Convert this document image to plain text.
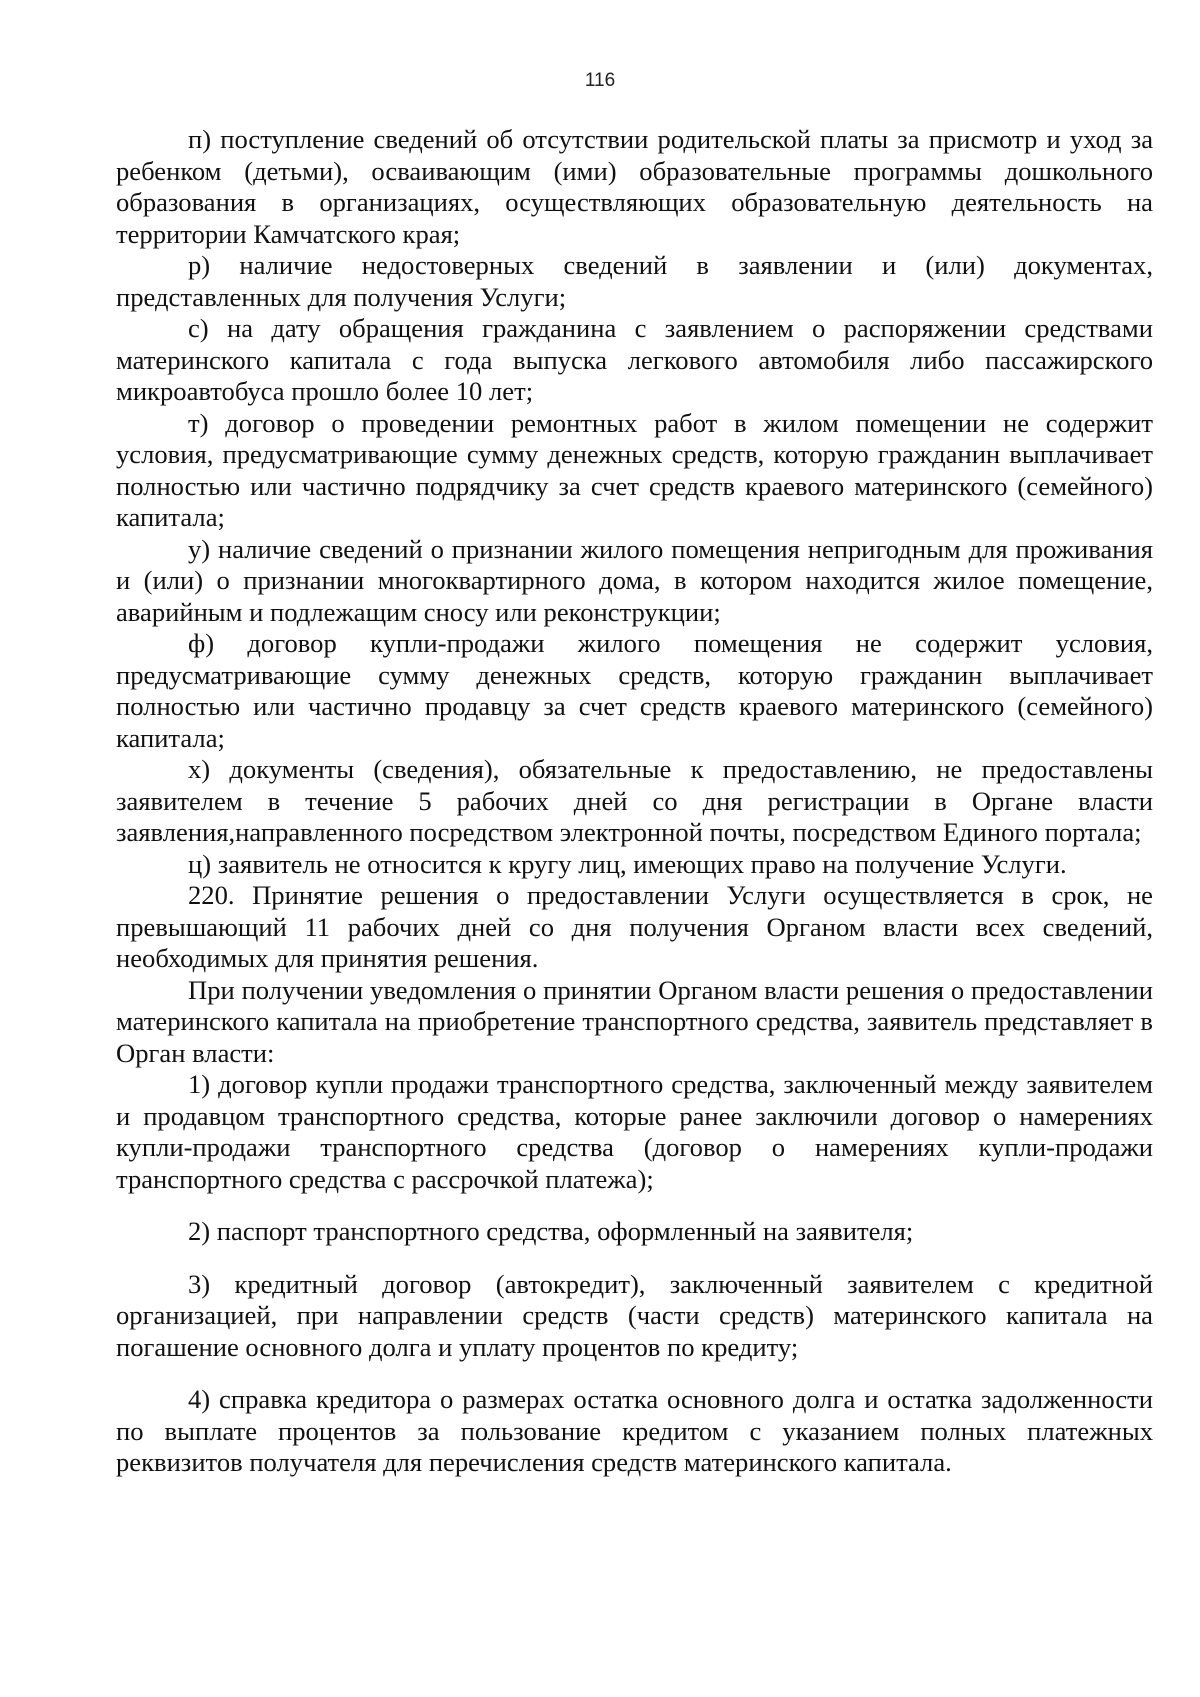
116

п) поступление сведений об отсутствии родительской платы за присмотр и уход за ребенком (детьми), осваивающим (ими) образовательные программы дошкольного образования в организациях, осуществляющих образовательную деятельность на территории Камчатского края;

р) наличие недостоверных сведений в заявлении и (или) документах, представленных для получения Услуги;

с) на дату обращения гражданина с заявлением о распоряжении средствами материнского капитала с года выпуска легкового автомобиля либо пассажирского микроавтобуса прошло более 10 лет;

т) договор о проведении ремонтных работ в жилом помещении не содержит условия, предусматривающие сумму денежных средств, которую гражданин выплачивает полностью или частично подрядчику за счет средств краевого материнского (семейного) капитала;

у) наличие сведений о признании жилого помещения непригодным для проживания и (или) о признании многоквартирного дома, в котором находится жилое помещение, аварийным и подлежащим сносу или реконструкции;

ф) договор купли-продажи жилого помещения не содержит условия, предусматривающие сумму денежных средств, которую гражданин выплачивает полностью или частично продавцу за счет средств краевого материнского (семейного) капитала;

х) документы (сведения), обязательные к предоставлению, не предоставлены заявителем в течение 5 рабочих дней со дня регистрации в Органе власти заявления,направленного посредством электронной почты, посредством Единого портала;

ц) заявитель не относится к кругу лиц, имеющих право на получение Услуги.

220. Принятие решения о предоставлении Услуги осуществляется в срок, не превышающий 11 рабочих дней со дня получения Органом власти всех сведений, необходимых для принятия решения.

При получении уведомления о принятии Органом власти решения о предоставлении материнского капитала на приобретение транспортного средства, заявитель представляет в Орган власти:

1) договор купли продажи транспортного средства, заключенный между заявителем и продавцом транспортного средства, которые ранее заключили договор о намерениях купли-продажи транспортного средства (договор о намерениях купли-продажи транспортного средства с рассрочкой платежа);

2) паспорт транспортного средства, оформленный на заявителя;

3) кредитный договор (автокредит), заключенный заявителем с кредитной организацией, при направлении средств (части средств) материнского капитала на погашение основного долга и уплату процентов по кредиту;

4) справка кредитора о размерах остатка основного долга и остатка задолженности по выплате процентов за пользование кредитом с указанием полных платежных реквизитов получателя для перечисления средств материнского капитала.
